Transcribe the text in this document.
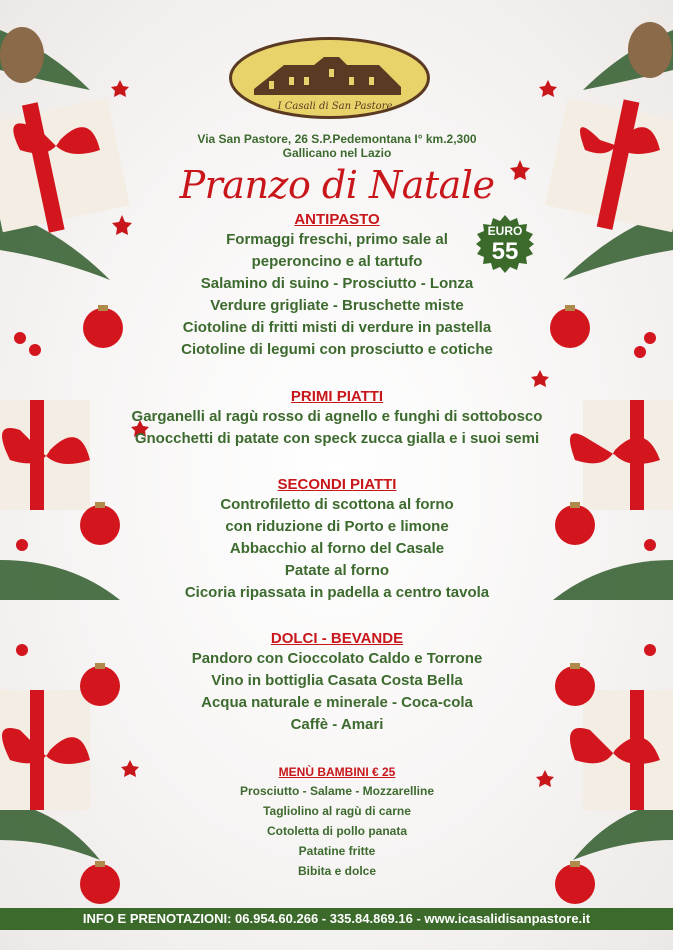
I Casali di San Pastore
Via San Pastore, 26 S.P.Pedemontana I° km.2,300
Gallicano nel Lazio
Pranzo di Natale
EURO
55
ANTIPASTO
Formaggi freschi, primo sale al
peperoncino e al tartufo
Salamino di suino - Prosciutto - Lonza
Verdure grigliate - Bruschette miste
Ciotoline di fritti misti di verdure in pastella
Ciotoline di legumi con prosciutto e cotiche
PRIMI PIATTI
Garganelli al ragù rosso di agnello e funghi di sottobosco
Gnocchetti di patate con speck zucca gialla e i suoi semi
SECONDI PIATTI
Controfiletto di scottona al forno
con riduzione di Porto e limone
Abbacchio al forno del Casale
Patate al forno
Cicoria ripassata in padella a centro tavola
DOLCI - BEVANDE
Pandoro con Cioccolato Caldo e Torrone
Vino in bottiglia Casata Costa Bella
Acqua naturale e minerale - Coca-cola
Caffè - Amari
MENÙ BAMBINI € 25
Prosciutto - Salame - Mozzarelline
Tagliolino al ragù di carne
Cotoletta di pollo panata
Patatine fritte
Bibita e dolce
INFO E PRENOTAZIONI: 06.954.60.266 - 335.84.869.16 - www.icasalidisanpastore.it
